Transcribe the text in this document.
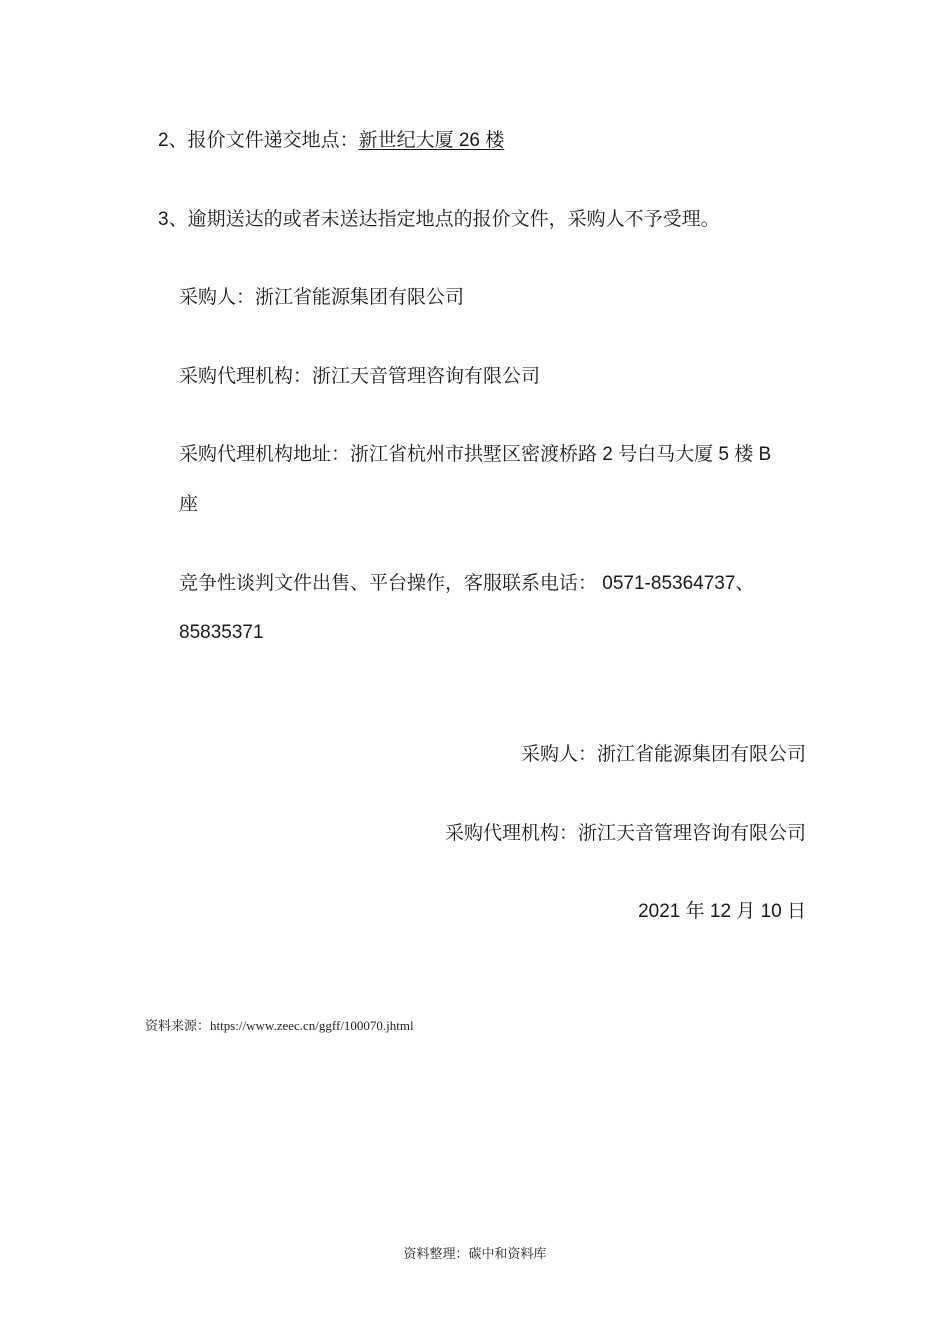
2、报价文件递交地点：新世纪大厦 26 楼
3、逾期送达的或者未送达指定地点的报价文件，采购人不予受理。
采购人：浙江省能源集团有限公司
采购代理机构：浙江天音管理咨询有限公司
采购代理机构地址：浙江省杭州市拱墅区密渡桥路 2 号白马大厦 5 楼 B
座
竞争性谈判文件出售、平台操作，客服联系电话： 0571-85364737、
85835371
采购人：浙江省能源集团有限公司
采购代理机构：浙江天音管理咨询有限公司
2021 年 12 月 10 日
资料来源：https://www.zeec.cn/ggff/100070.jhtml
资料整理：碳中和资料库
